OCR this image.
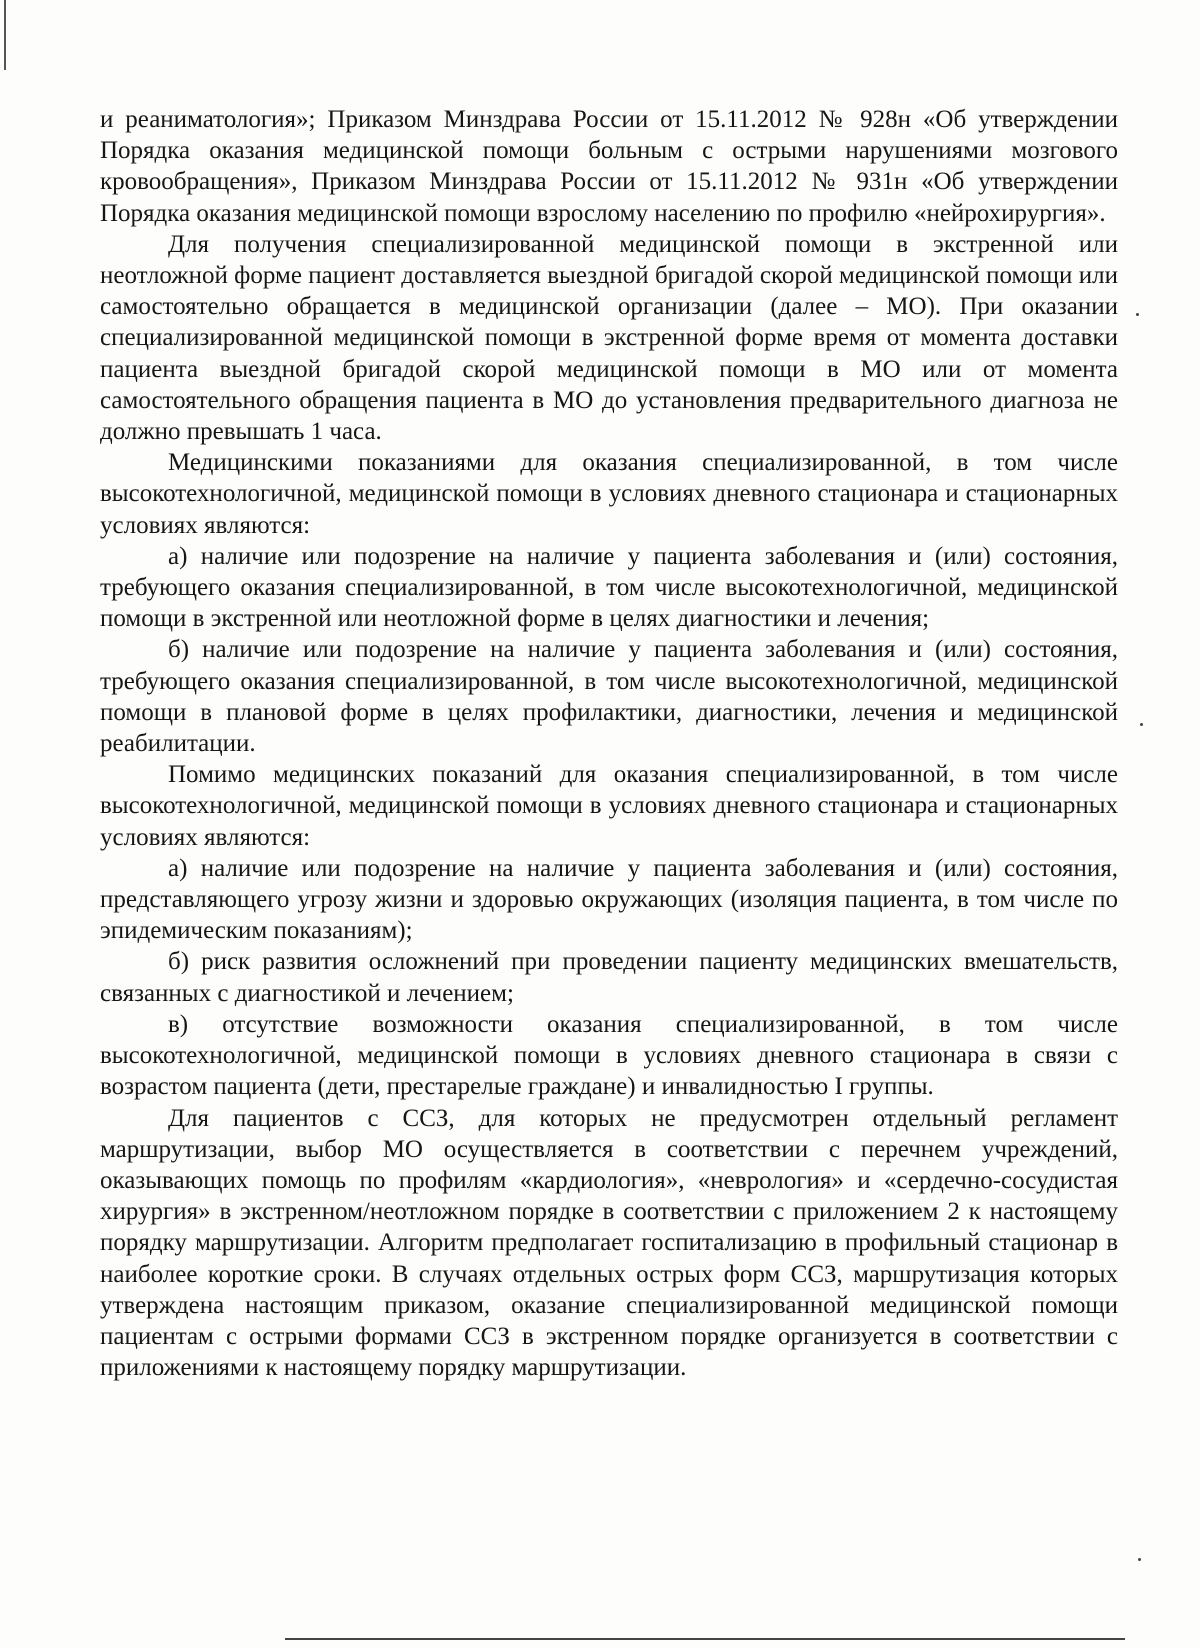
и реаниматология»; Приказом Минздрава России от 15.11.2012 № 928н «Об утверждении Порядка оказания медицинской помощи больным с острыми нарушениями мозгового кровообращения», Приказом Минздрава России от 15.11.2012 № 931н «Об утверждении Порядка оказания медицинской помощи взрослому населению по профилю «нейрохирургия».

Для получения специализированной медицинской помощи в экстренной или неотложной форме пациент доставляется выездной бригадой скорой медицинской помощи или самостоятельно обращается в медицинской организации (далее – МО). При оказании специализированной медицинской помощи в экстренной форме время от момента доставки пациента выездной бригадой скорой медицинской помощи в МО или от момента самостоятельного обращения пациента в МО до установления предварительного диагноза не должно превышать 1 часа.

Медицинскими показаниями для оказания специализированной, в том числе высокотехнологичной, медицинской помощи в условиях дневного стационара и стационарных условиях являются:

а) наличие или подозрение на наличие у пациента заболевания и (или) состояния, требующего оказания специализированной, в том числе высокотехнологичной, медицинской помощи в экстренной или неотложной форме в целях диагностики и лечения;

б) наличие или подозрение на наличие у пациента заболевания и (или) состояния, требующего оказания специализированной, в том числе высокотехнологичной, медицинской помощи в плановой форме в целях профилактики, диагностики, лечения и медицинской реабилитации.

Помимо медицинских показаний для оказания специализированной, в том числе высокотехнологичной, медицинской помощи в условиях дневного стационара и стационарных условиях являются:

а) наличие или подозрение на наличие у пациента заболевания и (или) состояния, представляющего угрозу жизни и здоровью окружающих (изоляция пациента, в том числе по эпидемическим показаниям);

б) риск развития осложнений при проведении пациенту медицинских вмешательств, связанных с диагностикой и лечением;

в) отсутствие возможности оказания специализированной, в том числе высокотехнологичной, медицинской помощи в условиях дневного стационара в связи с возрастом пациента (дети, престарелые граждане) и инвалидностью I группы.

Для пациентов с ССЗ, для которых не предусмотрен отдельный регламент маршрутизации, выбор МО осуществляется в соответствии с перечнем учреждений, оказывающих помощь по профилям «кардиология», «неврология» и «сердечно-сосудистая хирургия» в экстренном/неотложном порядке в соответствии с приложением 2 к настоящему порядку маршрутизации. Алгоритм предполагает госпитализацию в профильный стационар в наиболее короткие сроки. В случаях отдельных острых форм ССЗ, маршрутизация которых утверждена настоящим приказом, оказание специализированной медицинской помощи пациентам с острыми формами ССЗ в экстренном порядке организуется в соответствии с приложениями к настоящему порядку маршрутизации.
